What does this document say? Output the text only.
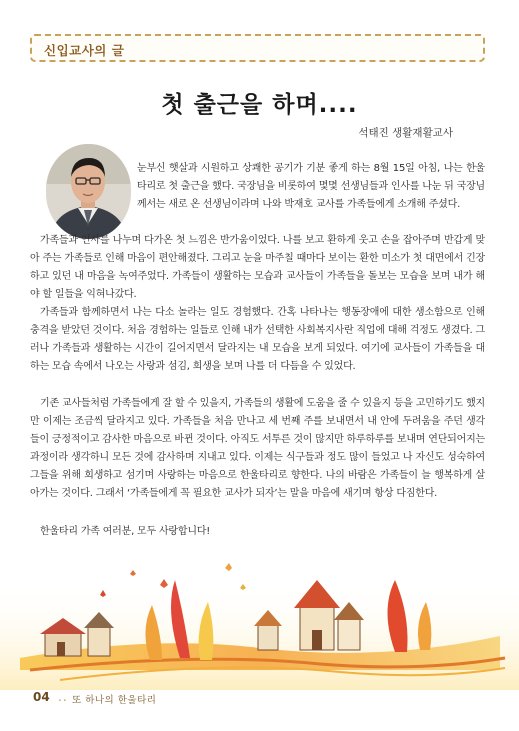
신입교사의 글
첫 출근을 하며....
석태진 생활재활교사
눈부신 햇살과 시원하고 상쾌한 공기가 기분 좋게 하는 8월 15일 아침, 나는 한울타리로 첫 출근을 했다. 국장님을 비롯하여 몇몇 선생님들과 인사를 나눈 뒤 국장님께서는 새로 온 선생님이라며 나와 박재호 교사를 가족들에게 소개해 주셨다.
가족들과 인사를 나누며 다가온 첫 느낌은 반가움이었다. 나를 보고 환하게 웃고 손을 잡아주며 반갑게 맞아 주는 가족들로 인해 마음이 편안해졌다. 그리고 눈을 마주칠 때마다 보이는 환한 미소가 첫 대면에서 긴장하고 있던 내 마음을 녹여주었다. 가족들이 생활하는 모습과 교사들이 가족들을 돌보는 모습을 보며 내가 해야 할 일들을 익혀나갔다.
가족들과 함께하면서 나는 다소 놀라는 일도 경험했다. 간혹 나타나는 행동장애에 대한 생소함으로 인해 충격을 받았던 것이다. 처음 경험하는 일들로 인해 내가 선택한 사회복지사란 직업에 대해 걱정도 생겼다. 그러나 가족들과 생활하는 시간이 길어지면서 달라지는 내 모습을 보게 되었다. 여기에 교사들이 가족들을 대하는 모습 속에서 나오는 사랑과 섬김, 희생을 보며 나를 더 다듬을 수 있었다.
기존 교사들처럼 가족들에게 잘 할 수 있을지, 가족들의 생활에 도움을 줄 수 있을지 등을 고민하기도 했지만 이제는 조금씩 달라지고 있다. 가족들을 처음 만나고 세 번째 주를 보내면서 내 안에 두려움을 주던 생각들이 긍정적이고 감사한 마음으로 바뀐 것이다. 아직도 서투른 것이 많지만 하루하루를 보내며 연단되어지는 과정이라 생각하니 모든 것에 감사하며 지내고 있다. 이제는 식구들과 정도 많이 들었고 나 자신도 성숙하여 그들을 위해 희생하고 섬기며 사랑하는 마음으로 한울타리로 향한다. 나의 바람은 가족들이 늘 행복하게 살아가는 것이다. 그래서 ‘가족들에게 꼭 필요한 교사가 되자’는 말을 마음에 새기며 항상 다짐한다.
한울타리 가족 여러분, 모두 사랑합니다!
04 .. 또 하나의 한울타리
